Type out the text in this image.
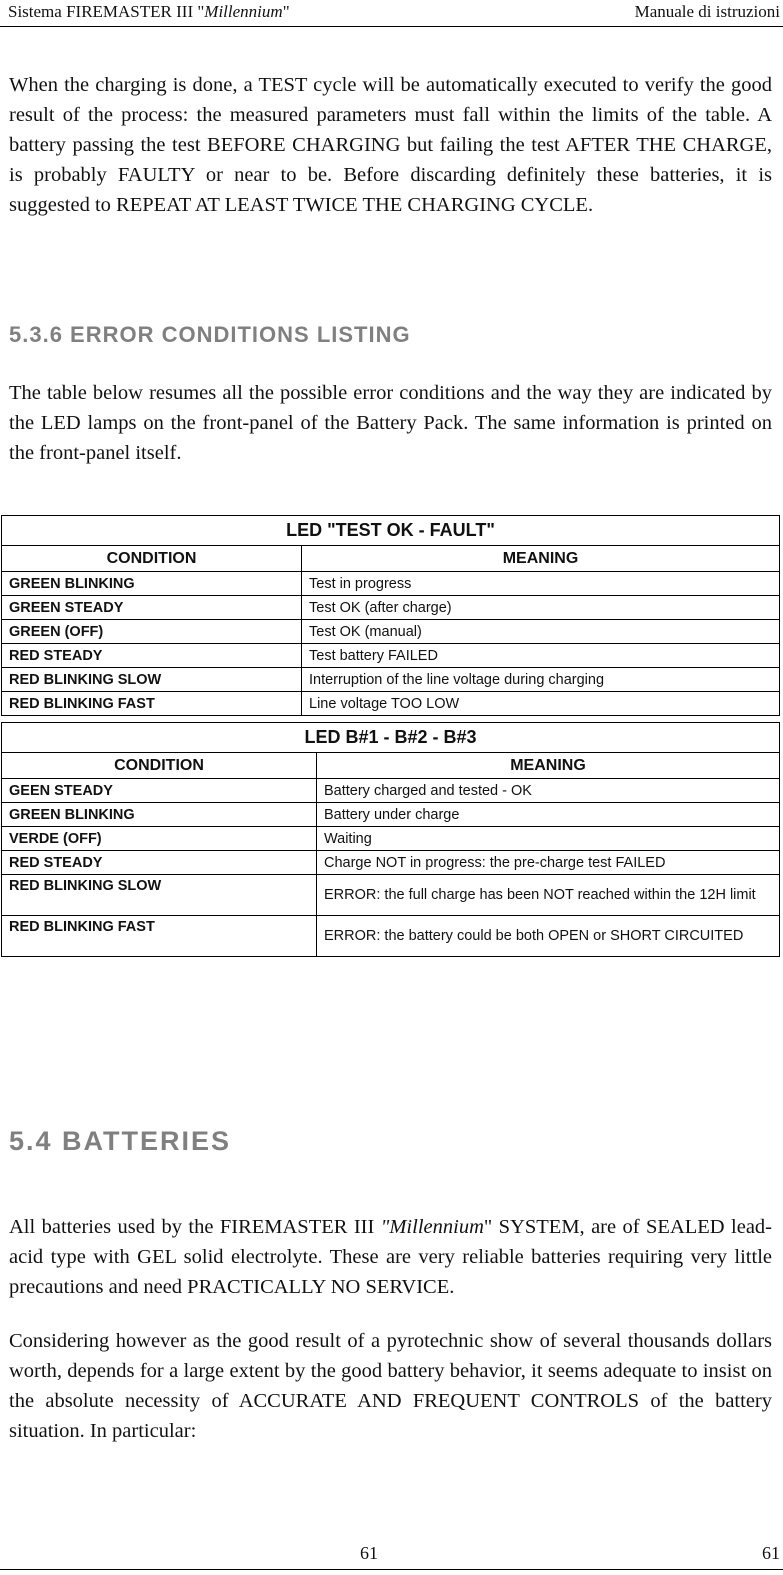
Sistema FIREMASTER III "Millennium"	Manuale di istruzioni
When the charging is done, a TEST cycle will be automatically executed to verify the good result of the process: the measured parameters must fall within the limits of the table. A battery passing the test BEFORE CHARGING but failing the test AFTER THE CHARGE, is probably FAULTY or near to be. Before discarding definitely these batteries, it is suggested to REPEAT AT LEAST TWICE THE CHARGING CYCLE.
5.3.6 ERROR CONDITIONS LISTING
The table below resumes all the possible error conditions and the way they are indicated by the LED lamps on the front-panel of the Battery Pack. The same information is printed on the front-panel itself.
LED "TEST OK - FAULT"	
CONDITION	MEANING
GREEN BLINKING	Test in progress
GREEN STEADY	Test OK (after charge)
GREEN (OFF)	Test OK (manual)
RED STEADY	Test battery FAILED
RED BLINKING SLOW	Interruption of the line voltage during charging
RED BLINKING FAST	Line voltage TOO LOW
LED B#1 - B#2 - B#3	
CONDITION	MEANING
GEEN STEADY	Battery charged and tested - OK
GREEN BLINKING	Battery under charge
VERDE (OFF)	Waiting
RED STEADY	Charge NOT in progress: the pre-charge test FAILED
RED BLINKING SLOW	ERROR: the full charge has been NOT reached within the 12H limit
RED BLINKING FAST	ERROR: the battery could be both OPEN or SHORT CIRCUITED
5.4 BATTERIES
All batteries used by the FIREMASTER III "Millennium" SYSTEM, are of SEALED lead-acid type with GEL solid electrolyte. These are very reliable batteries requiring very little precautions and need PRACTICALLY NO SERVICE.
Considering however as the good result of a pyrotechnic show of several thousands dollars worth, depends for a large extent by the good battery behavior, it seems adequate to insist on the absolute necessity of ACCURATE AND FREQUENT CONTROLS of the battery situation. In particular:
61	61
